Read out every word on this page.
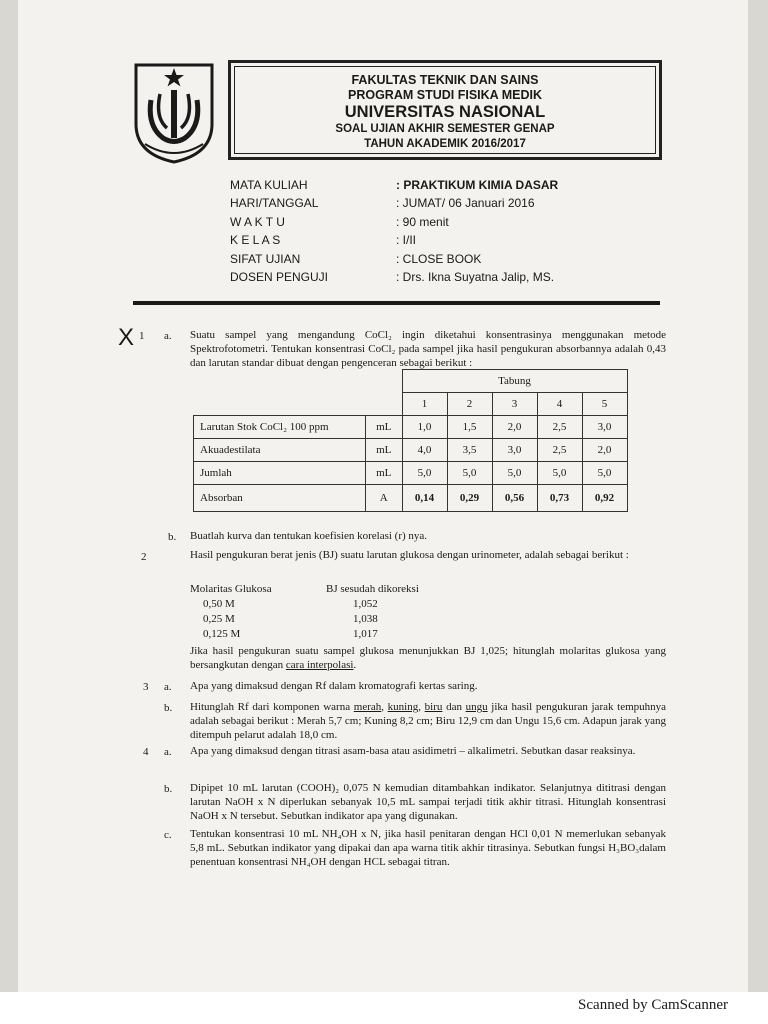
FAKULTAS TEKNIK DAN SAINS
PROGRAM STUDI FISIKA MEDIK
UNIVERSITAS NASIONAL
SOAL UJIAN AKHIR SEMESTER GENAP
TAHUN AKADEMIK 2016/2017
MATA KULIAH	: PRAKTIKUM KIMIA DASAR
HARI/TANGGAL	: JUMAT/ 06 Januari 2016
W A K T U	: 90 menit
K E L A S	: I/II
SIFAT UJIAN	: CLOSE BOOK
DOSEN PENGUJI	: Drs. Ikna Suyatna Jalip, MS.
X 1 a. Suatu sampel yang mengandung CoCl₂ ingin diketahui konsentrasinya menggunakan metode Spektrofotometri. Tentukan konsentrasi CoCl₂ pada sampel jika hasil pengukuran absorbannya adalah 0,43 dan larutan standar dibuat dengan pengenceran sebagai berikut :
		Tabung				
		1	2	3	4	5
Larutan Stok CoCl₂ 100 ppm	mL	1,0	1,5	2,0	2,5	3,0
Akuadestilata	mL	4,0	3,5	3,0	2,5	2,0
Jumlah	mL	5,0	5,0	5,0	5,0	5,0
Absorban	A	0,14	0,29	0,56	0,73	0,92
b. Buatlah kurva dan tentukan koefisien korelasi (r) nya.
2	Hasil pengukuran berat jenis (BJ) suatu larutan glukosa dengan urinometer, adalah sebagai berikut :
Molaritas Glukosa	BJ sesudah dikoreksi
0,50 M	1,052
0,25 M	1,038
0,125 M	1,017
Jika hasil pengukuran suatu sampel glukosa menunjukkan BJ 1,025; hitunglah molaritas glukosa yang bersangkutan dengan cara interpolasi.
3 a. Apa yang dimaksud dengan Rf dalam kromatografi kertas saring.
b. Hitunglah Rf dari komponen warna merah, kuning, biru dan ungu jika hasil pengukuran jarak tempuhnya adalah sebagai berikut : Merah 5,7 cm; Kuning 8,2 cm; Biru 12,9 cm dan Ungu 15,6 cm. Adapun jarak yang ditempuh pelarut adalah 18,0 cm.
4 a. Apa yang dimaksud dengan titrasi asam-basa atau asidimetri – alkalimetri. Sebutkan dasar reaksinya.
b. Dipipet 10 mL larutan (COOH)₂ 0,075 N kemudian ditambahkan indikator. Selanjutnya dititrasi dengan larutan NaOH x N diperlukan sebanyak 10,5 mL sampai terjadi titik akhir titrasi. Hitunglah konsentrasi NaOH x N tersebut. Sebutkan indikator apa yang digunakan.
c. Tentukan konsentrasi 10 mL NH₄OH x N, jika hasil penitaran dengan HCl 0,01 N memerlukan sebanyak 5,8 mL. Sebutkan indikator yang dipakai dan apa warna titik akhir titrasinya. Sebutkan fungsi H₃BO₃dalam penentuan konsentrasi NH₄OH dengan HCL sebagai titran.
Scanned by CamScanner
